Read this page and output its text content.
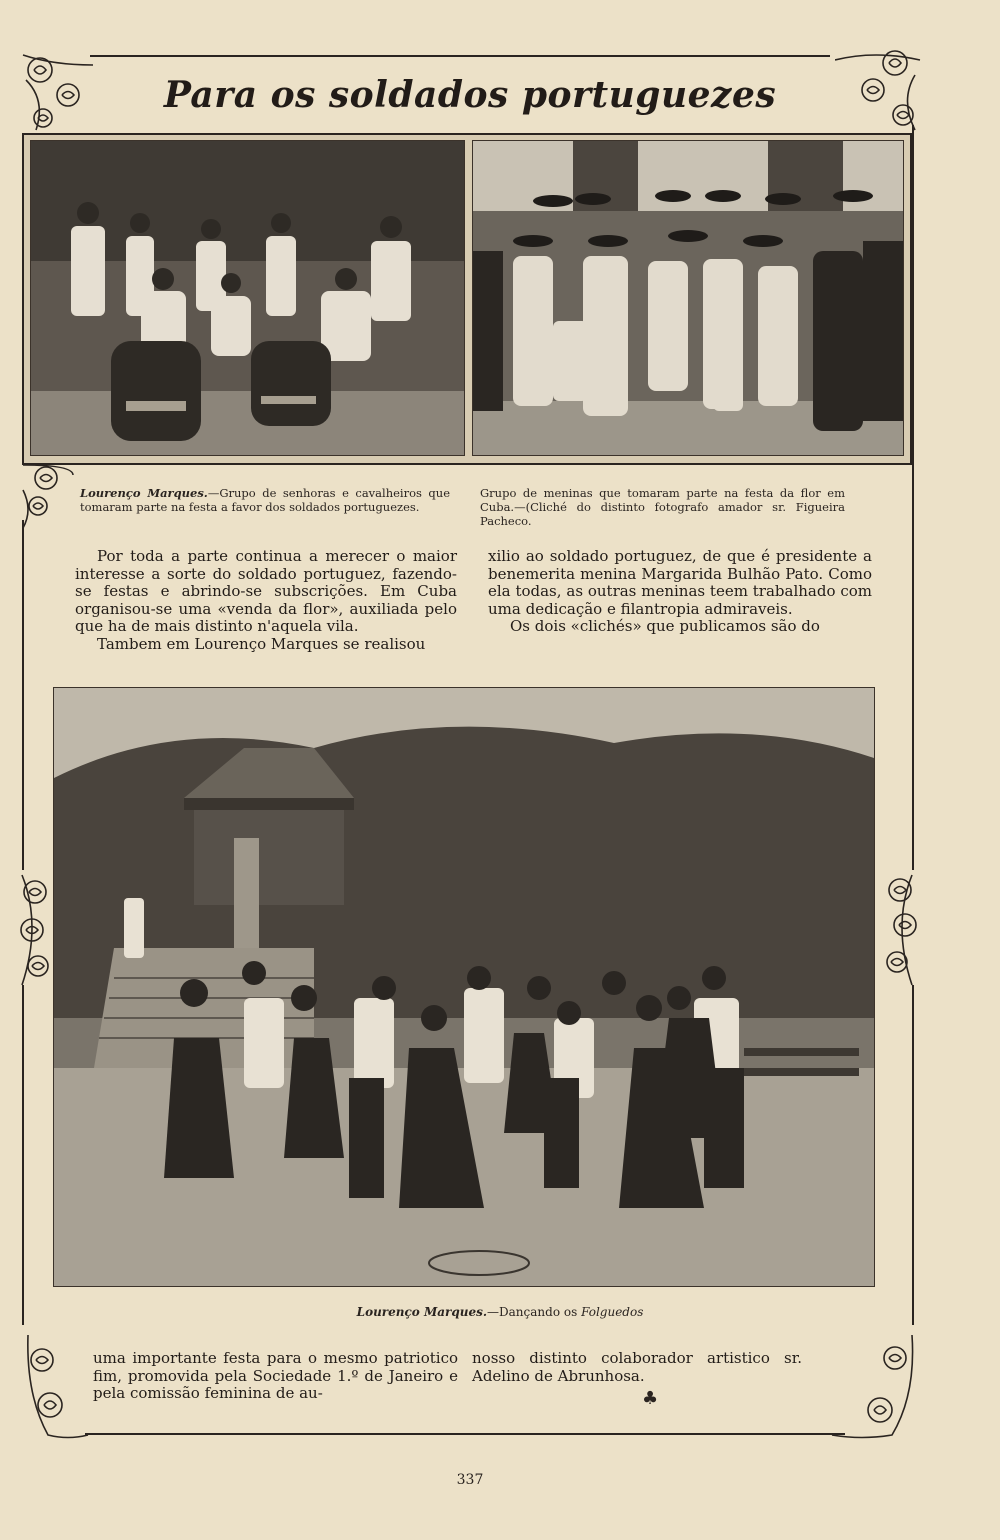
Para os soldados portuguezes
Lourenço Marques.—Grupo de senhoras e cavalheiros que tomaram parte na festa a favor dos soldados portuguezes.
Grupo de meninas que tomaram parte na festa da flor em Cuba.—(Cliché do distinto fotografo amador sr. Figueira Pacheco.

Por toda a parte continua a merecer o maior interesse a sorte do soldado portuguez, fazendo-se festas e abrindo-se subscrições. Em Cuba organisou-se uma «venda da flor», auxiliada pelo que ha de mais distinto n'aquela vila.

Tambem em Lourenço Marques se realisou

xilio ao soldado portuguez, de que é presidente a benemerita menina Margarida Bulhão Pato. Como ela todas, as outras meninas teem trabalhado com uma dedicação e filantropia admiraveis.

Os dois «clichés» que publicamos são do

Lourenço Marques.—Dançando os Folguedos

uma importante festa para o mesmo patriotico fim, promovida pela Sociedade 1.º de Janeiro e pela comissão feminina de au-

nosso distinto colaborador artistico sr. Adelino de Abrunhosa.

♣
337
